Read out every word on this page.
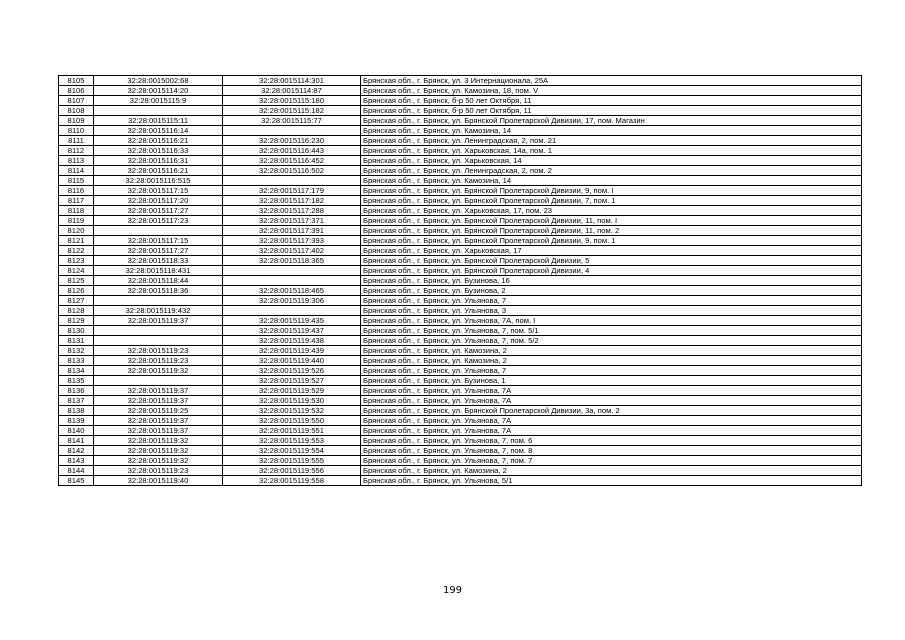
8105	32:28:0015002:68	32:28:0015114:301	Брянская обл., г. Брянск, ул. 3 Интернационала, 25А
8106	32:28:0015114:20	32:28:0015114:87	Брянская обл., г. Брянск, ул. Камозина, 18, пом. V
8107	32:28:0015115:9	32:28:0015115:180	Брянская обл., г. Брянск, б-р 50 лет Октября, 11
8108		32:28:0015115:182	Брянская обл., г. Брянск, б-р 50 лет Октября, 11
8109	32:28:0015115:11	32:28:0015115:77	Брянская обл., г. Брянск, ул. Брянской Пролетарской Дивизии, 17, пом. Магазин
8110	32:28:0015116:14		Брянская обл., г. Брянск, ул. Камозина, 14
8111	32:28:0015116:21	32:28:0015116:230	Брянская обл., г. Брянск, ул. Ленинградская, 2, пом. 21
8112	32:28:0015116:33	32:28:0015116:443	Брянская обл., г. Брянск, ул. Харьковская, 14а, пом. 1
8113	32:28:0015116:31	32:28:0015116:452	Брянская обл., г. Брянск, ул. Харьковская, 14
8114	32:28:0015116:21	32:28:0015116:502	Брянская обл., г. Брянск, ул. Ленинградская, 2, пом. 2
8115	32:28:0015116:515		Брянская обл., г. Брянск, ул. Камозина, 14
8116	32:28:0015117:15	32:28:0015117:179	Брянская обл., г. Брянск, ул. Брянской Пролетарской Дивизии, 9, пом. I
8117	32:28:0015117:20	32:28:0015117:182	Брянская обл., г. Брянск, ул. Брянской Пролетарской Дивизии, 7, пом. 1
8118	32:28:0015117:27	32:28:0015117:288	Брянская обл., г. Брянск, ул. Харьковская, 17, пом. 23
8119	32:28:0015117:23	32:28:0015117:371	Брянская обл., г. Брянск, ул. Брянской Пролетарской Дивизии, 11, пом. I
8120		32:28:0015117:391	Брянская обл., г. Брянск, ул. Брянской Пролетарской Дивизии, 11, пом. 2
8121	32:28:0015117:15	32:28:0015117:393	Брянская обл., г. Брянск, ул. Брянской Пролетарской Дивизии, 9, пом. 1
8122	32:28:0015117:27	32:28:0015117:402	Брянская обл., г. Брянск, ул. Харьковская, 17
8123	32:28:0015118:33	32:28:0015118:365	Брянская обл., г. Брянск, ул. Брянской Пролетарской Дивизии, 5
8124	32:28:0015118:431		Брянская обл., г. Брянск, ул. Брянской Пролетарской Дивизии, 4
8125	32:28:0015118:44		Брянская обл., г. Брянск, ул. Бузинова, 16
8126	32:28:0015118:36	32:28:0015118:465	Брянская обл., г. Брянск, ул. Бузинова, 2
8127		32:28:0015119:306	Брянская обл., г. Брянск, ул. Ульянова, 7
8128	32:28:0015119:432		Брянская обл., г. Брянск, ул. Ульянова, 3
8129	32:28:0015119:37	32:28:0015119:435	Брянская обл., г. Брянск, ул. Ульянова, 7А, пом. I
8130		32:28:0015119:437	Брянская обл., г. Брянск, ул. Ульянова, 7, пом. 5/1
8131		32:28:0015119:438	Брянская обл., г. Брянск, ул. Ульянова, 7, пом. 5/2
8132	32:28:0015119:23	32:28:0015119:439	Брянская обл., г. Брянск, ул. Камозина, 2
8133	32:28:0015119:23	32:28:0015119:440	Брянская обл., г. Брянск, ул. Камозина, 2
8134	32:28:0015119:32	32:28:0015119:526	Брянская обл., г. Брянск, ул. Ульянова, 7
8135		32:28:0015119:527	Брянская обл., г. Брянск, ул. Бузинова, 1
8136	32:28:0015119:37	32:28:0015119:529	Брянская обл., г. Брянск, ул. Ульянова, 7А
8137	32:28:0015119:37	32:28:0015119:530	Брянская обл., г. Брянск, ул. Ульянова, 7А
8138	32:28:0015119:25	32:28:0015119:532	Брянская обл., г. Брянск, ул. Брянской Пролетарской Дивизии, 3а, пом. 2
8139	32:28:0015119:37	32:28:0015119:550	Брянская обл., г. Брянск, ул. Ульянова, 7А
8140	32:28:0015119:37	32:28:0015119:551	Брянская обл., г. Брянск, ул. Ульянова, 7А
8141	32:28:0015119:32	32:28:0015119:553	Брянская обл., г. Брянск, ул. Ульянова, 7, пом. 6
8142	32:28:0015119:32	32:28:0015119:554	Брянская обл., г. Брянск, ул. Ульянова, 7, пом. 8
8143	32:28:0015119:32	32:28:0015119:555	Брянская обл., г. Брянск, ул. Ульянова, 7, пом. 7
8144	32:28:0015119:23	32:28:0015119:556	Брянская обл., г. Брянск, ул. Камозина, 2
8145	32:28:0015119:40	32:28:0015119:558	Брянская обл., г. Брянск, ул. Ульянова, 5/1
199
